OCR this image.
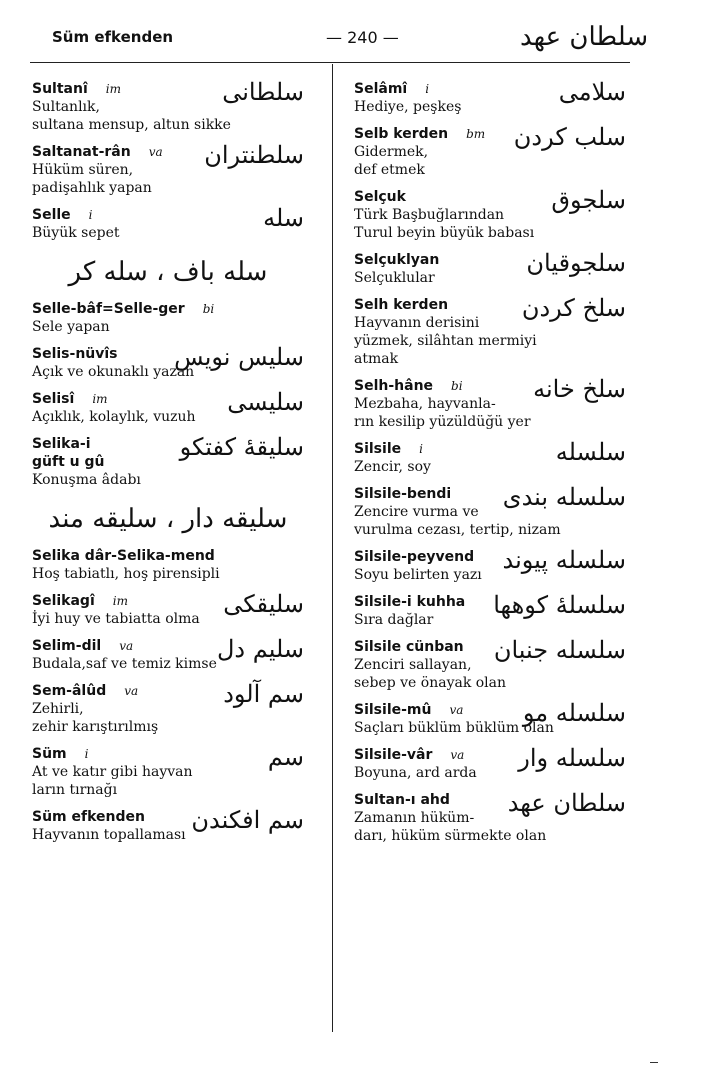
Süm efkenden	— 240 —	سلطان عهد
Sultanî im	سلطانى
Sultanlık,
sultana mensup, altun sikke
Saltanat-rân va	سلطنتران
Hüküm süren,
padişahlık yapan
Selle i	سله
Büyük sepet
سله باف ، سله كر
Selle-bâf=Selle-ger bi
Sele yapan
Selis-nüvîs	سليس نويس
Açık ve okunaklı yazan
Selisî im	سليسى
Açıklık, kolaylık, vuzuh
Selika-i
güft u gû
سليقهٔ كفتكو
Konuşma âdabı
سليقه دار ، سليقه مند
Selika dâr-Selika-mend
Hoş tabiatlı, hoş pirensipli
Selikagî im	سليقكى
İyi huy ve tabiatta olma
Selim-dil va	سليم دل
Budala,saf ve temiz kimse
Sem-âlûd va	سم آلود
Zehirli,
zehir karıştırılmış
Süm i	سم
At ve katır gibi hayvan
ların tırnağı
Süm efkenden	سم افكندن
Hayvanın topallaması
Selâmî i	سلامى
Hediye, peşkeş
Selb kerden bm	سلب كردن
Gidermek,
def etmek
Selçuk	سلجوق
Türk Başbuğlarından
Turul beyin büyük babası
Selçuklyan	سلجوقيان
Selçuklular
Selh kerden	سلخ كردن
Hayvanın derisini
yüzmek, silâhtan mermiyi
atmak
Selh-hâne bi	سلخ خانه
Mezbaha, hayvanla-
rın kesilip yüzüldüğü yer
Silsile i	سلسله
Zencir, soy
Silsile-bendi	سلسله بندى
Zencire vurma ve
vurulma cezası, tertip, nizam
Silsile-peyvend	سلسله پيوند
Soyu belirten yazı
Silsile-i kuhha	سلسلهٔ كوهها
Sıra dağlar
Silsile cünban	سلسله جنبان
Zenciri sallayan,
sebep ve önayak olan
Silsile-mû va	سلسله مو
Saçları büklüm büklüm olan
Silsile-vâr va	سلسله وار
Boyuna, ard arda
Sultan-ı ahd	سلطان عهد
Zamanın hüküm-
darı, hüküm sürmekte olan
